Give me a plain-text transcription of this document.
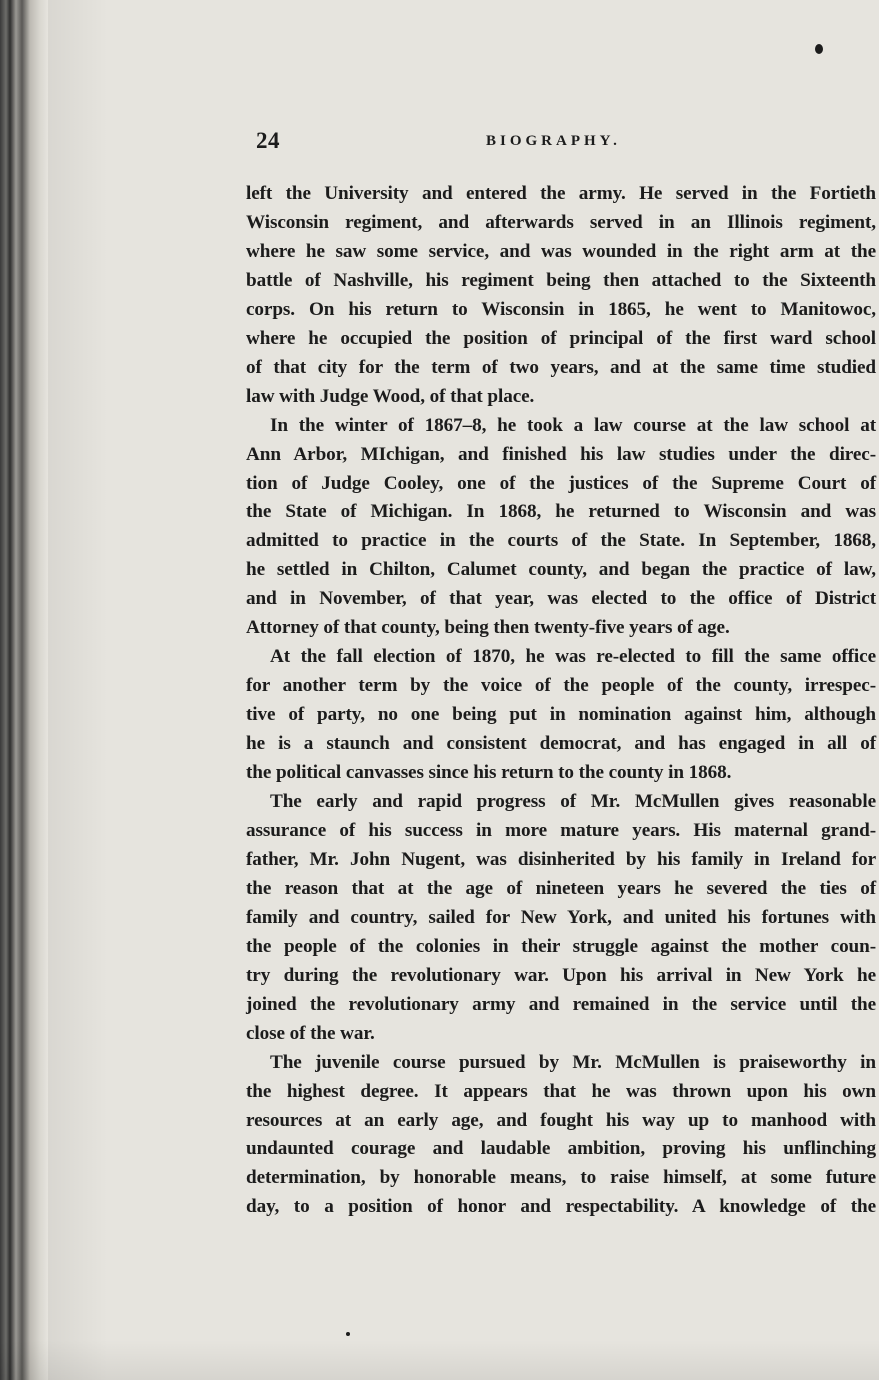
24	BIOGRAPHY.
left the University and entered the army. He served in the Fortieth
Wisconsin regiment, and afterwards served in an Illinois regiment,
where he saw some service, and was wounded in the right arm at the
battle of Nashville, his regiment being then attached to the Sixteenth
corps. On his return to Wisconsin in 1865, he went to Manitowoc,
where he occupied the position of principal of the first ward school
of that city for the term of two years, and at the same time studied
law with Judge Wood, of that place.
In the winter of 1867–8, he took a law course at the law school at
Ann Arbor, MIchigan, and finished his law studies under the direc-
tion of Judge Cooley, one of the justices of the Supreme Court of
the State of Michigan. In 1868, he returned to Wisconsin and was
admitted to practice in the courts of the State. In September, 1868,
he settled in Chilton, Calumet county, and began the practice of law,
and in November, of that year, was elected to the office of District
Attorney of that county, being then twenty-five years of age.
At the fall election of 1870, he was re-elected to fill the same office
for another term by the voice of the people of the county, irrespec-
tive of party, no one being put in nomination against him, although
he is a staunch and consistent democrat, and has engaged in all of
the political canvasses since his return to the county in 1868.
The early and rapid progress of Mr. McMullen gives reasonable
assurance of his success in more mature years. His maternal grand-
father, Mr. John Nugent, was disinherited by his family in Ireland for
the reason that at the age of nineteen years he severed the ties of
family and country, sailed for New York, and united his fortunes with
the people of the colonies in their struggle against the mother coun-
try during the revolutionary war. Upon his arrival in New York he
joined the revolutionary army and remained in the service until the
close of the war.
The juvenile course pursued by Mr. McMullen is praiseworthy in
the highest degree. It appears that he was thrown upon his own
resources at an early age, and fought his way up to manhood with
undaunted courage and laudable ambition, proving his unflinching
determination, by honorable means, to raise himself, at some future
day, to a position of honor and respectability. A knowledge of the
